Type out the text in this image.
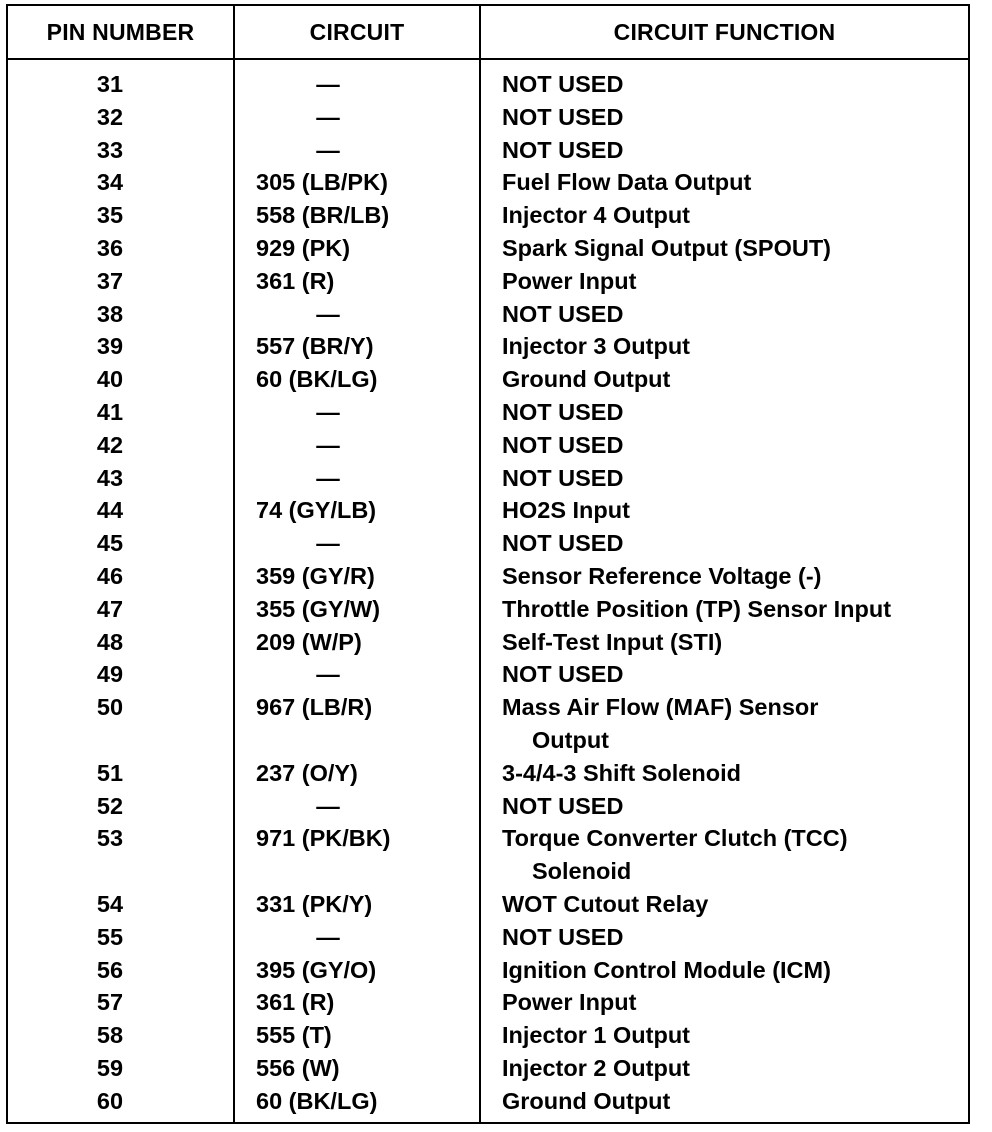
PIN NUMBER	CIRCUIT	CIRCUIT FUNCTION
31	—	NOT USED
32	—	NOT USED
33	—	NOT USED
34	305 (LB/PK)	Fuel Flow Data Output
35	558 (BR/LB)	Injector 4 Output
36	929 (PK)	Spark Signal Output (SPOUT)
37	361 (R)	Power Input
38	—	NOT USED
39	557 (BR/Y)	Injector 3 Output
40	60 (BK/LG)	Ground Output
41	—	NOT USED
42	—	NOT USED
43	—	NOT USED
44	74 (GY/LB)	HO2S Input
45	—	NOT USED
46	359 (GY/R)	Sensor Reference Voltage (-)
47	355 (GY/W)	Throttle Position (TP) Sensor Input
48	209 (W/P)	Self-Test Input (STI)
49	—	NOT USED
50	967 (LB/R)	Mass Air Flow (MAF) Sensor
Output
51	237 (O/Y)	3-4/4-3 Shift Solenoid
52	—	NOT USED
53	971 (PK/BK)	Torque Converter Clutch (TCC)
Solenoid
54	331 (PK/Y)	WOT Cutout Relay
55	—	NOT USED
56	395 (GY/O)	Ignition Control Module (ICM)
57	361 (R)	Power Input
58	555 (T)	Injector 1 Output
59	556 (W)	Injector 2 Output
60	60 (BK/LG)	Ground Output
